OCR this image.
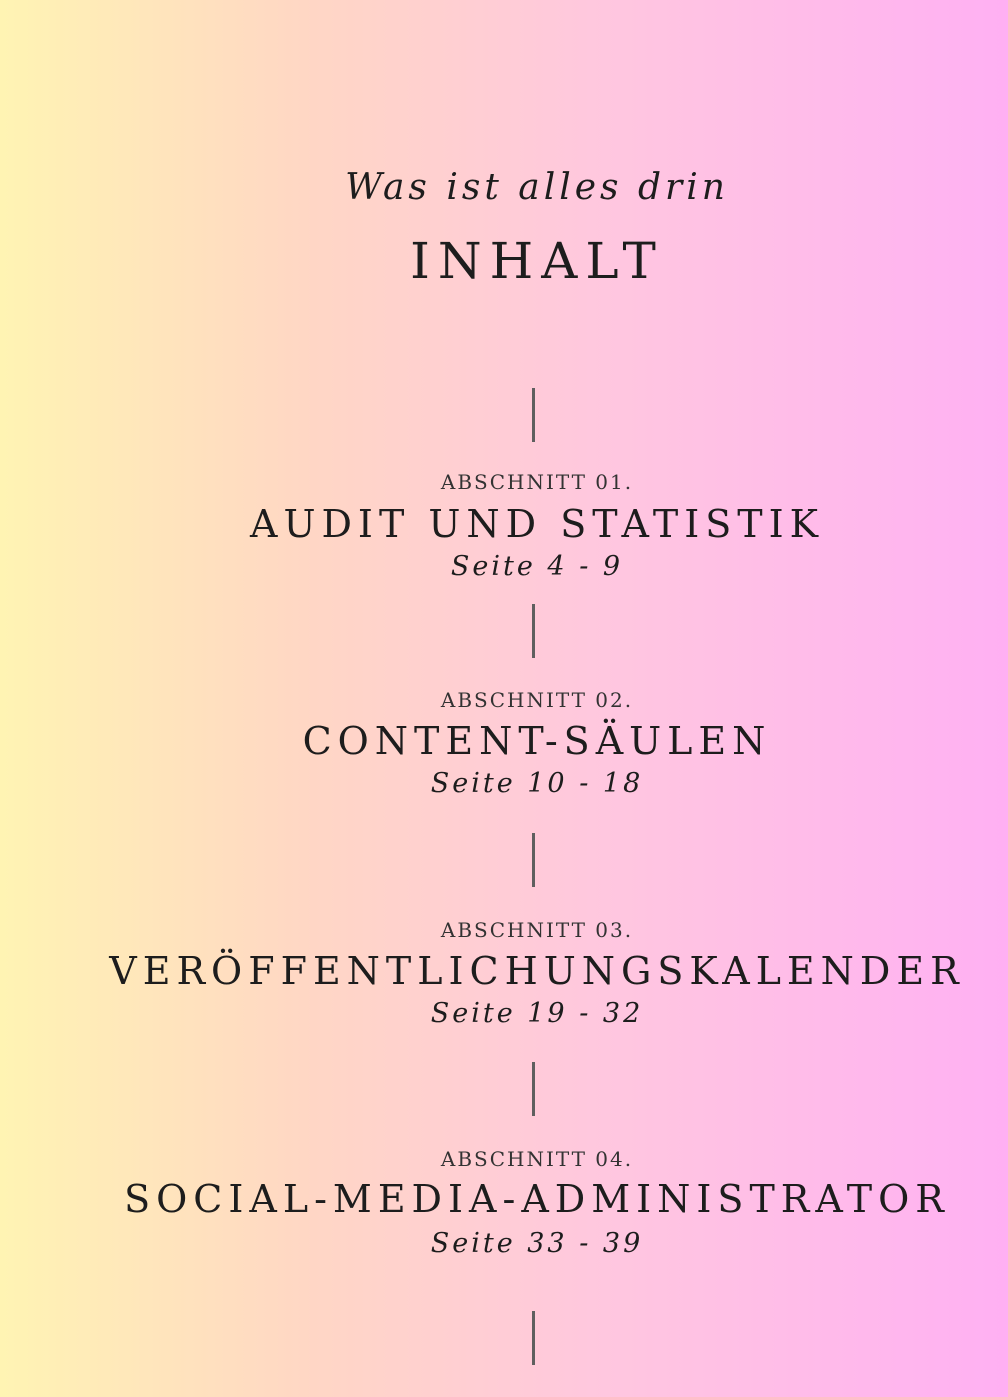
Was ist alles drin
INHALT
ABSCHNITT 01.
AUDIT UND STATISTIK
Seite 4 - 9
ABSCHNITT 02.
CONTENT-SÄULEN
Seite 10 - 18
ABSCHNITT 03.
VERÖFFENTLICHUNGSKALENDER
Seite 19 - 32
ABSCHNITT 04.
SOCIAL-MEDIA-ADMINISTRATOR
Seite 33 - 39
